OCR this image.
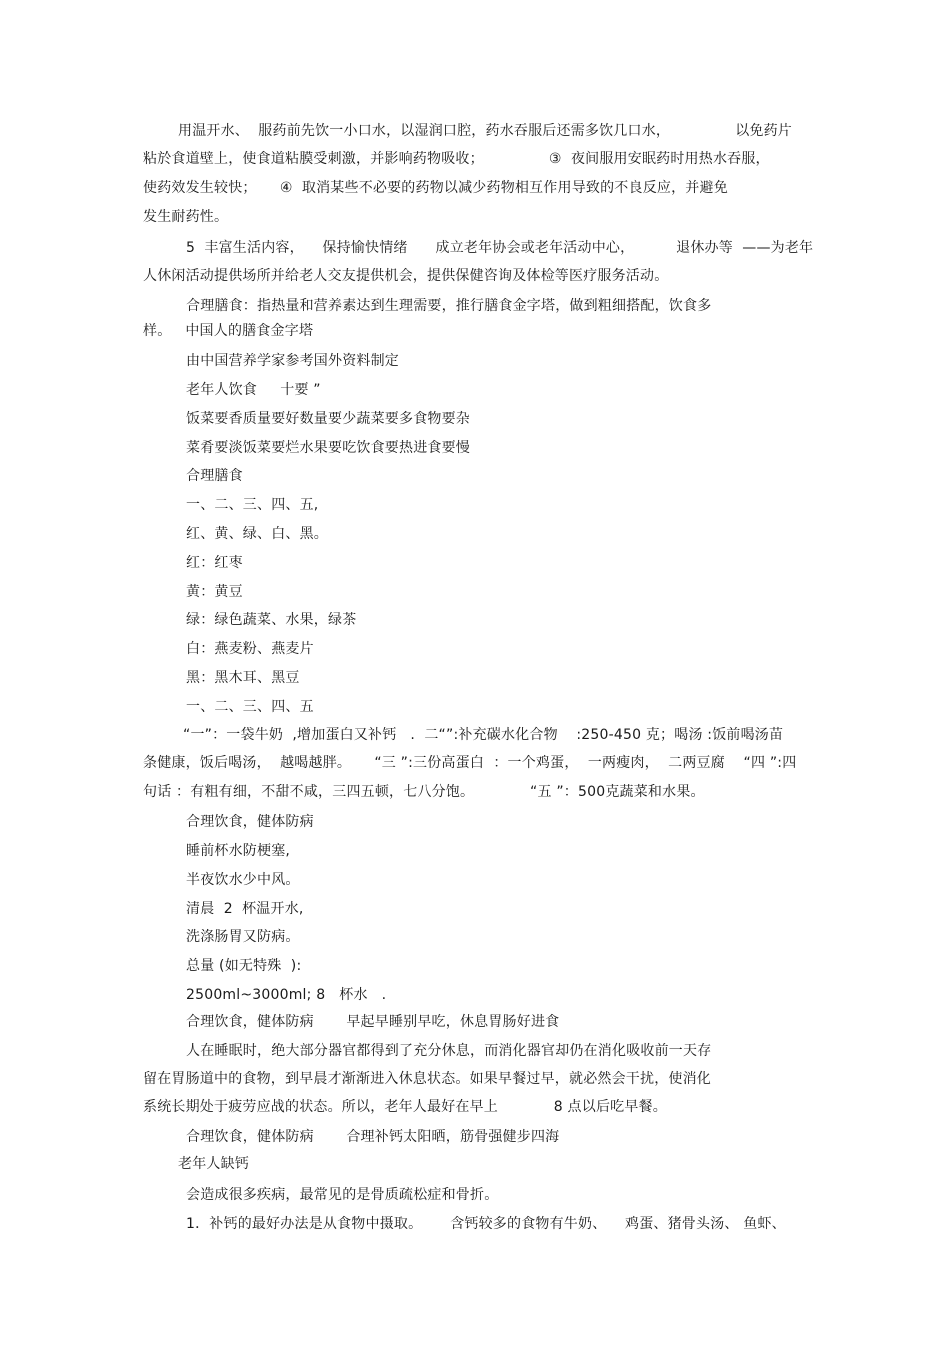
用温开水、  服药前先饮一小口水，以湿润口腔，药水吞服后还需多饮几口水，              以免药片
粘於食道壁上，使食道粘膜受刺激，并影响药物吸收；              ③  夜间服用安眠药时用热水吞服，
使药效发生较快；     ④  取消某些不必要的药物以减少药物相互作用导致的不良反应，并避免
发生耐药性。
5  丰富生活内容，    保持愉快情绪      成立老年协会或老年活动中心，         退休办等  ——为老年
人休闲活动提供场所并给老人交友提供机会，提供保健咨询及体检等医疗服务活动。
合理膳食：指热量和营养素达到生理需要，推行膳食金字塔，做到粗细搭配，饮食多
样。   中国人的膳食金字塔
由中国营养学家参考国外资料制定
老年人饮食     十要 ”
饭菜要香质量要好数量要少蔬菜要多食物要杂
菜肴要淡饭菜要烂水果要吃饮食要热进食要慢
合理膳食
一、二、三、四、五,
红、黄、绿、白、黑。
红：红枣
黄：黄豆
绿：绿色蔬菜、水果，绿茶
白：燕麦粉、燕麦片
黑：黑木耳、黑豆
一、二、三、四、五
“一”：一袋牛奶  ,增加蛋白又补钙   .  二“”:补充碳水化合物    :250-450 克；喝汤 :饭前喝汤苗
条健康，饭后喝汤，  越喝越胖。     “三 ”:三份高蛋白  ：一个鸡蛋，  一两瘦肉，  二两豆腐    “四 ”:四
句话 ：有粗有细，不甜不咸，三四五顿，七八分饱。            “五 ”：500克蔬菜和水果。
合理饮食，健体防病
睡前杯水防梗塞,
半夜饮水少中风。
清晨  2  杯温开水,
洗涤肠胃又防病。
总量 (如无特殊  ):
2500ml~3000ml; 8   杯水   .
合理饮食，健体防病       早起早睡别早吃，休息胃肠好进食
人在睡眠时，绝大部分器官都得到了充分休息，而消化器官却仍在消化吸收前一天存
留在胃肠道中的食物，到早晨才渐渐进入休息状态。如果早餐过早，就必然会干扰，使消化
系统长期处于疲劳应战的状态。所以，老年人最好在早上            8 点以后吃早餐。
合理饮食，健体防病       合理补钙太阳晒，筋骨强健步四海
老年人缺钙
会造成很多疾病，最常见的是骨质疏松症和骨折。
1．补钙的最好办法是从食物中摄取。      含钙较多的食物有牛奶、    鸡蛋、猪骨头汤、 鱼虾、
